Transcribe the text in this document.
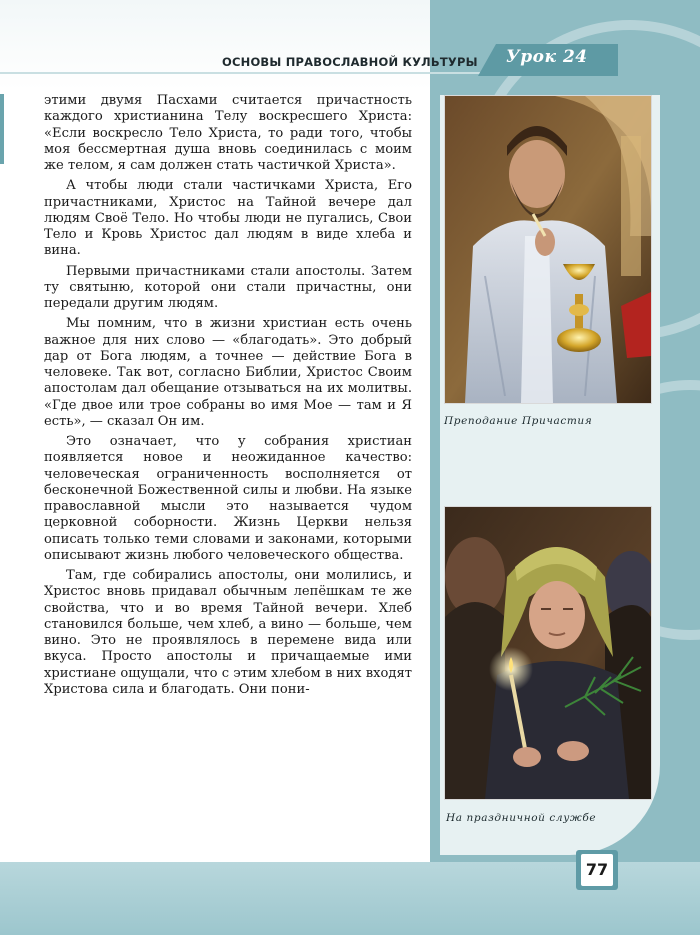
ОСНОВЫ ПРАВОСЛАВНОЙ КУЛЬТУРЫ Урок 24

этими двумя Пасхами считается причастность каждого христианина Телу воскресшего Христа: «Если воскресло Тело Христа, то ради того, чтобы моя бессмертная душа вновь соединилась с моим же телом, я сам должен стать частичкой Христа».

А чтобы люди стали частичками Христа, Его причастниками, Христос на Тайной вечере дал людям Своё Тело. Но чтобы люди не пугались, Свои Тело и Кровь Христос дал людям в виде хлеба и вина.

Первыми причастниками стали апостолы. Затем ту святыню, которой они стали причастны, они передали другим людям.

Мы помним, что в жизни христиан есть очень важное для них слово — «благодать». Это добрый дар от Бога людям, а точнее — действие Бога в человеке. Так вот, согласно Библии, Христос Своим апостолам дал обещание отзываться на их молитвы. «Где двое или трое собраны во имя Мое — там и Я есть», — сказал Он им.

Это означает, что у собрания христиан появляется новое и неожиданное качество: человеческая ограниченность восполняется от бесконечной Божественной силы и любви. На языке православной мысли это называется чудом церковной соборности. Жизнь Церкви нельзя описать только теми словами и законами, которыми описывают жизнь любого человеческого общества.

Там, где собирались апостолы, они молились, и Христос вновь придавал обычным лепёшкам те же свойства, что и во время Тайной вечери. Хлеб становился больше, чем хлеб, а вино — больше, чем вино. Это не проявлялось в перемене вида или вкуса. Просто апостолы и причащаемые ими христиане ощущали, что с этим хлебом в них входят Христова сила и благодать. Они пони-

Преподание Причастия
На праздничной службе
77
